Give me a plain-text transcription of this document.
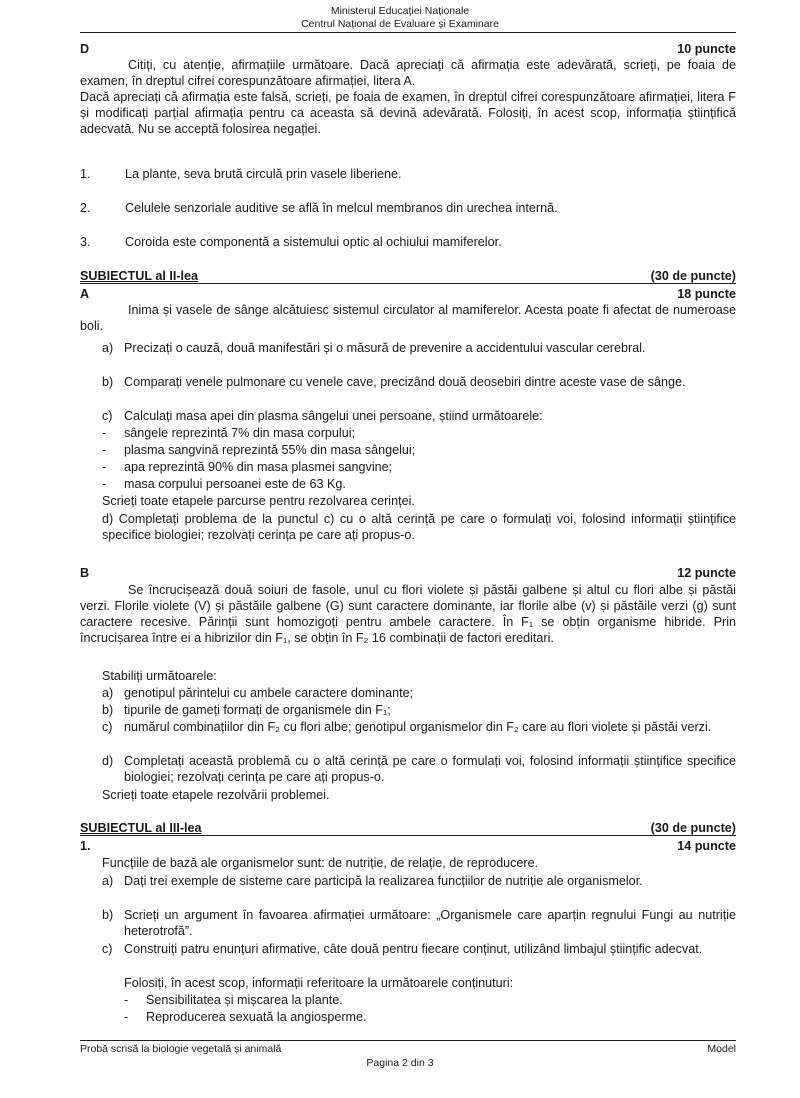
Ministerul Educației Naționale
Centrul Național de Evaluare și Examinare
D	10 puncte
Citiți, cu atenție, afirmațiile următoare. Dacă apreciați că afirmația este adevărată, scrieți, pe foaia de examen, în dreptul cifrei corespunzătoare afirmației, litera A.
Dacă apreciați că afirmația este falsă, scrieți, pe foaia de examen, în dreptul cifrei corespunzătoare afirmației, litera F și modificați parțial afirmația pentru ca aceasta să devină adevărată. Folosiți, în acest scop, informația științifică adecvată. Nu se acceptă folosirea negației.
1.	La plante, seva brută circulă prin vasele liberiene.
2.	Celulele senzoriale auditive se află în melcul membranos din urechea internă.
3.	Coroida este componentă a sistemului optic al ochiului mamiferelor.
SUBIECTUL al II-lea	(30 de puncte)
A	18 puncte
Inima și vasele de sânge alcătuiesc sistemul circulator al mamiferelor. Acesta poate fi afectat de numeroase boli.
a) Precizați o cauză, două manifestări și o măsură de prevenire a accidentului vascular cerebral.
b) Comparați venele pulmonare cu venele cave, precizând două deosebiri dintre aceste vase de sânge.
c) Calculați masa apei din plasma sângelui unei persoane, știind următoarele:
- sângele reprezintă 7% din masa corpului;
- plasma sangvină reprezintă 55% din masa sângelui;
- apa reprezintă 90% din masa plasmei sangvine;
- masa corpului persoanei este de 63 Kg.
Scrieți toate etapele parcurse pentru rezolvarea cerinței.
d) Completați problema de la punctul c) cu o altă cerință pe care o formulați voi, folosind informații științifice specifice biologiei; rezolvați cerința pe care ați propus-o.
B	12 puncte
Se încrucișează două soiuri de fasole, unul cu flori violete și păstăi galbene și altul cu flori albe și păstăi verzi. Florile violete (V) și păstăile galbene (G) sunt caractere dominante, iar florile albe (v) și păstăile verzi (g) sunt caractere recesive. Părinții sunt homozigoți pentru ambele caractere. În F₁ se obțin organisme hibride. Prin încrucișarea între ei a hibrizilor din F₁, se obțin în F₂ 16 combinații de factori ereditari.
Stabiliți următoarele:
a) genotipul părintelui cu ambele caractere dominante;
b) tipurile de gameți formați de organismele din F₁;
c) numărul combinațiilor din F₂ cu flori albe; genotipul organismelor din F₂ care au flori violete și păstăi verzi.
d) Completați această problemă cu o altă cerință pe care o formulați voi, folosind informații științifice specifice biologiei; rezolvați cerința pe care ați propus-o.
Scrieți toate etapele rezolvării problemei.
SUBIECTUL al III-lea	(30 de puncte)
1.	14 puncte
Funcțiile de bază ale organismelor sunt: de nutriție, de relație, de reproducere.
a) Dați trei exemple de sisteme care participă la realizarea funcțiilor de nutriție ale organismelor.
b) Scrieți un argument în favoarea afirmației următoare: „Organismele care aparțin regnului Fungi au nutriție heterotrofă”.
c) Construiți patru enunțuri afirmative, câte două pentru fiecare conținut, utilizând limbajul științific adecvat.
Folosiți, în acest scop, informații referitoare la următoarele conținuturi:
- Sensibilitatea și mișcarea la plante.
- Reproducerea sexuată la angiosperme.
Probă scrisă la biologie vegetală și animală	Model
Pagina 2 din 3
